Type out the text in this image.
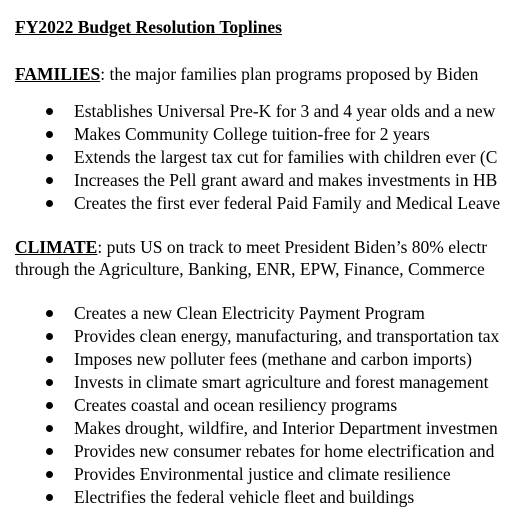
FY2022 Budget Resolution Toplines
FAMILIES: the major families plan programs proposed by Biden
Establishes Universal Pre-K for 3 and 4 year olds and a new
Makes Community College tuition-free for 2 years
Extends the largest tax cut for families with children ever (C
Increases the Pell grant award and makes investments in HB
Creates the first ever federal Paid Family and Medical Leave
CLIMATE: puts US on track to meet President Biden’s 80% electr
through the Agriculture, Banking, ENR, EPW, Finance, Commerce
Creates a new Clean Electricity Payment Program
Provides clean energy, manufacturing, and transportation tax
Imposes new polluter fees (methane and carbon imports)
Invests in climate smart agriculture and forest management
Creates coastal and ocean resiliency programs
Makes drought, wildfire, and Interior Department investmen
Provides new consumer rebates for home electrification and
Provides Environmental justice and climate resilience
Electrifies the federal vehicle fleet and buildings
